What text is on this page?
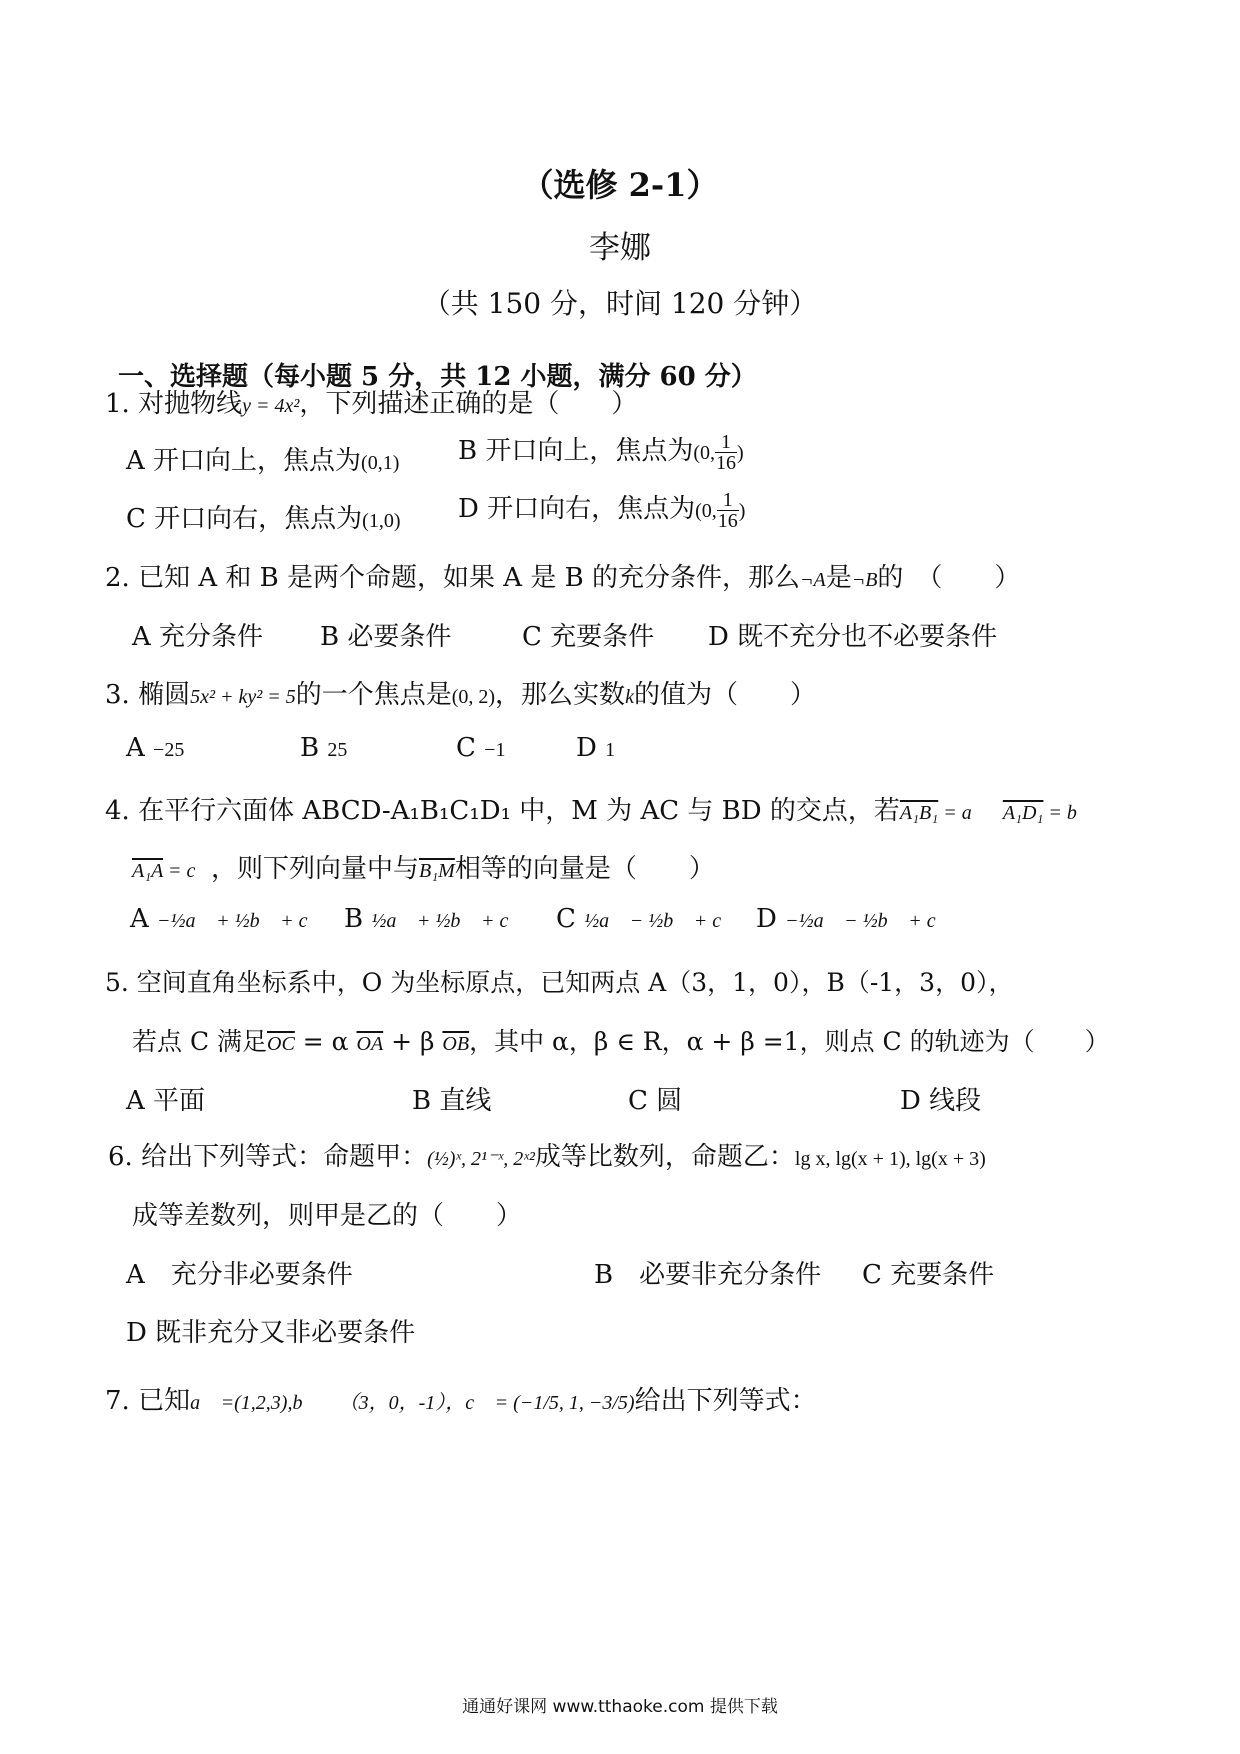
（选修 2-1）
李娜
（共 150 分，时间 120 分钟）
一、选择题（每小题 5 分，共 12 小题，满分 60 分）
1. 对抛物线y = 4x²，下列描述正确的是（　　）
A 开口向上，焦点为(0,1) B 开口向上，焦点为(0, $\frac{1}{16}$ )
C 开口向右，焦点为(1,0) D 开口向右，焦点为(0, $\frac{1}{16}$ )
2. 已知 A 和 B 是两个命题，如果 A 是 B 的充分条件，那么¬A是¬B的　（　　）
A 充分条件 B 必要条件	C 充要条件 D 既不充分也不必要条件
3. 椭圆5x² + ky² = 5的一个焦点是(0, 2)，那么实数k的值为（　　）
A −25	B 25	C −1	D 1
4. 在平行六面体 ABCD-A₁B₁C₁D₁ 中，M 为 AC 与 BD 的交点，若A₁B₁ = a⃗，A₁D₁ = b⃗，
A₁A = c⃗，则下列向量中与B₁M相等的向量是（　　）
A −½a⃗ + ½b⃗ + c⃗ B ½a⃗ + ½b⃗ + c⃗ C ½a⃗ − ½b⃗ + c⃗ D −½a⃗ − ½b⃗ + c⃗
5. 空间直角坐标系中，O 为坐标原点，已知两点 A（3，1，0），B（-1，3，0），
若点 C 满足$\overline{OC} = \alpha$ $\overline{OA} + \beta$ $\overline{OB}$，其中 α，β ∈ R，α + β =1，则点 C 的轨迹为（　　）
A 平面	B 直线	C 圆	D 线段
6. 给出下列等式：命题甲：(½)ˣ, 2¹⁻ˣ, 2ˣ²成等比数列，命题乙：lg x, lg(x + 1), lg(x + 3)
成等差数列，则甲是乙的（　　）
A　充分非必要条件	B　必要非充分条件 C 充要条件
D 既非充分又非必要条件
7. 已知a⃗ =(1,2,3),b⃗ ＝（3，0，-1），c⃗ = (−1/5, 1, −3/5)给出下列等式：
通通好课网 www.tthaoke.com 提供下载
